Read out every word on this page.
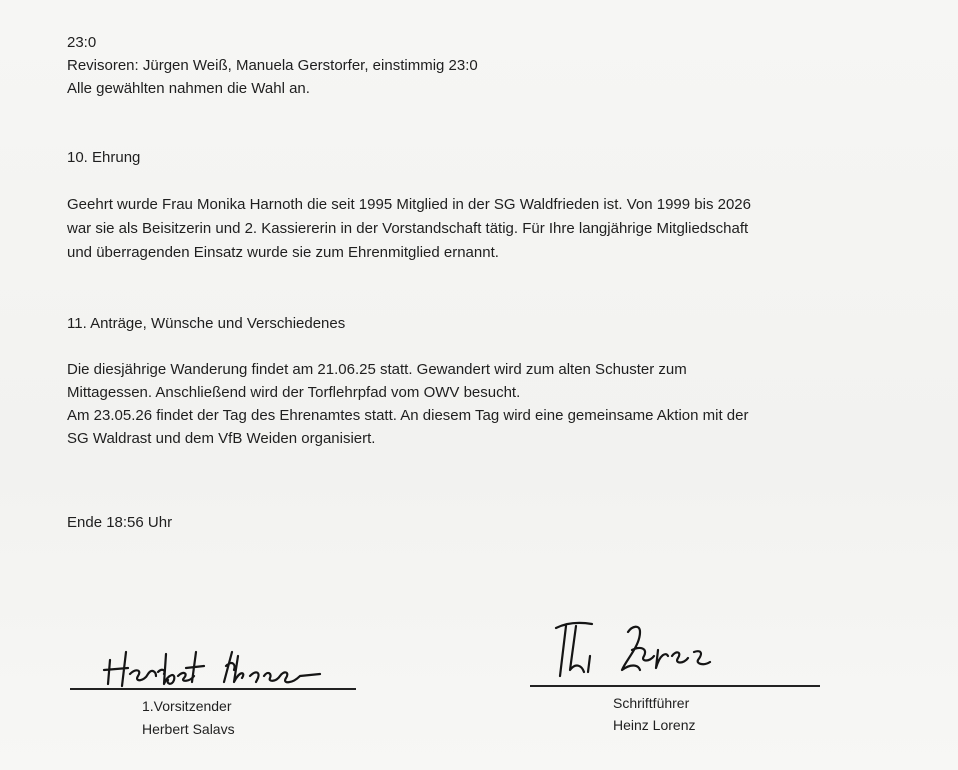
23:0
Revisoren: Jürgen Weiß, Manuela Gerstorfer, einstimmig 23:0
Alle gewählten nahmen die Wahl an.
10. Ehrung
Geehrt wurde Frau Monika Harnoth die seit 1995 Mitglied in der SG Waldfrieden ist. Von 1999 bis 2026
war sie als Beisitzerin und 2. Kassiererin in der Vorstandschaft tätig. Für Ihre langjährige Mitgliedschaft
und überragenden Einsatz wurde sie zum Ehrenmitglied ernannt.
11. Anträge, Wünsche und Verschiedenes
Die diesjährige Wanderung findet am 21.06.25 statt. Gewandert wird zum alten Schuster zum
Mittagessen. Anschließend wird der Torflehrpfad vom OWV besucht.
Am 23.05.26 findet der Tag des Ehrenamtes statt. An diesem Tag wird eine gemeinsame Aktion mit der
SG Waldrast und dem VfB Weiden organisiert.
Ende 18:56 Uhr
1.Vorsitzender
Herbert Salavs
Schriftführer
Heinz Lorenz
